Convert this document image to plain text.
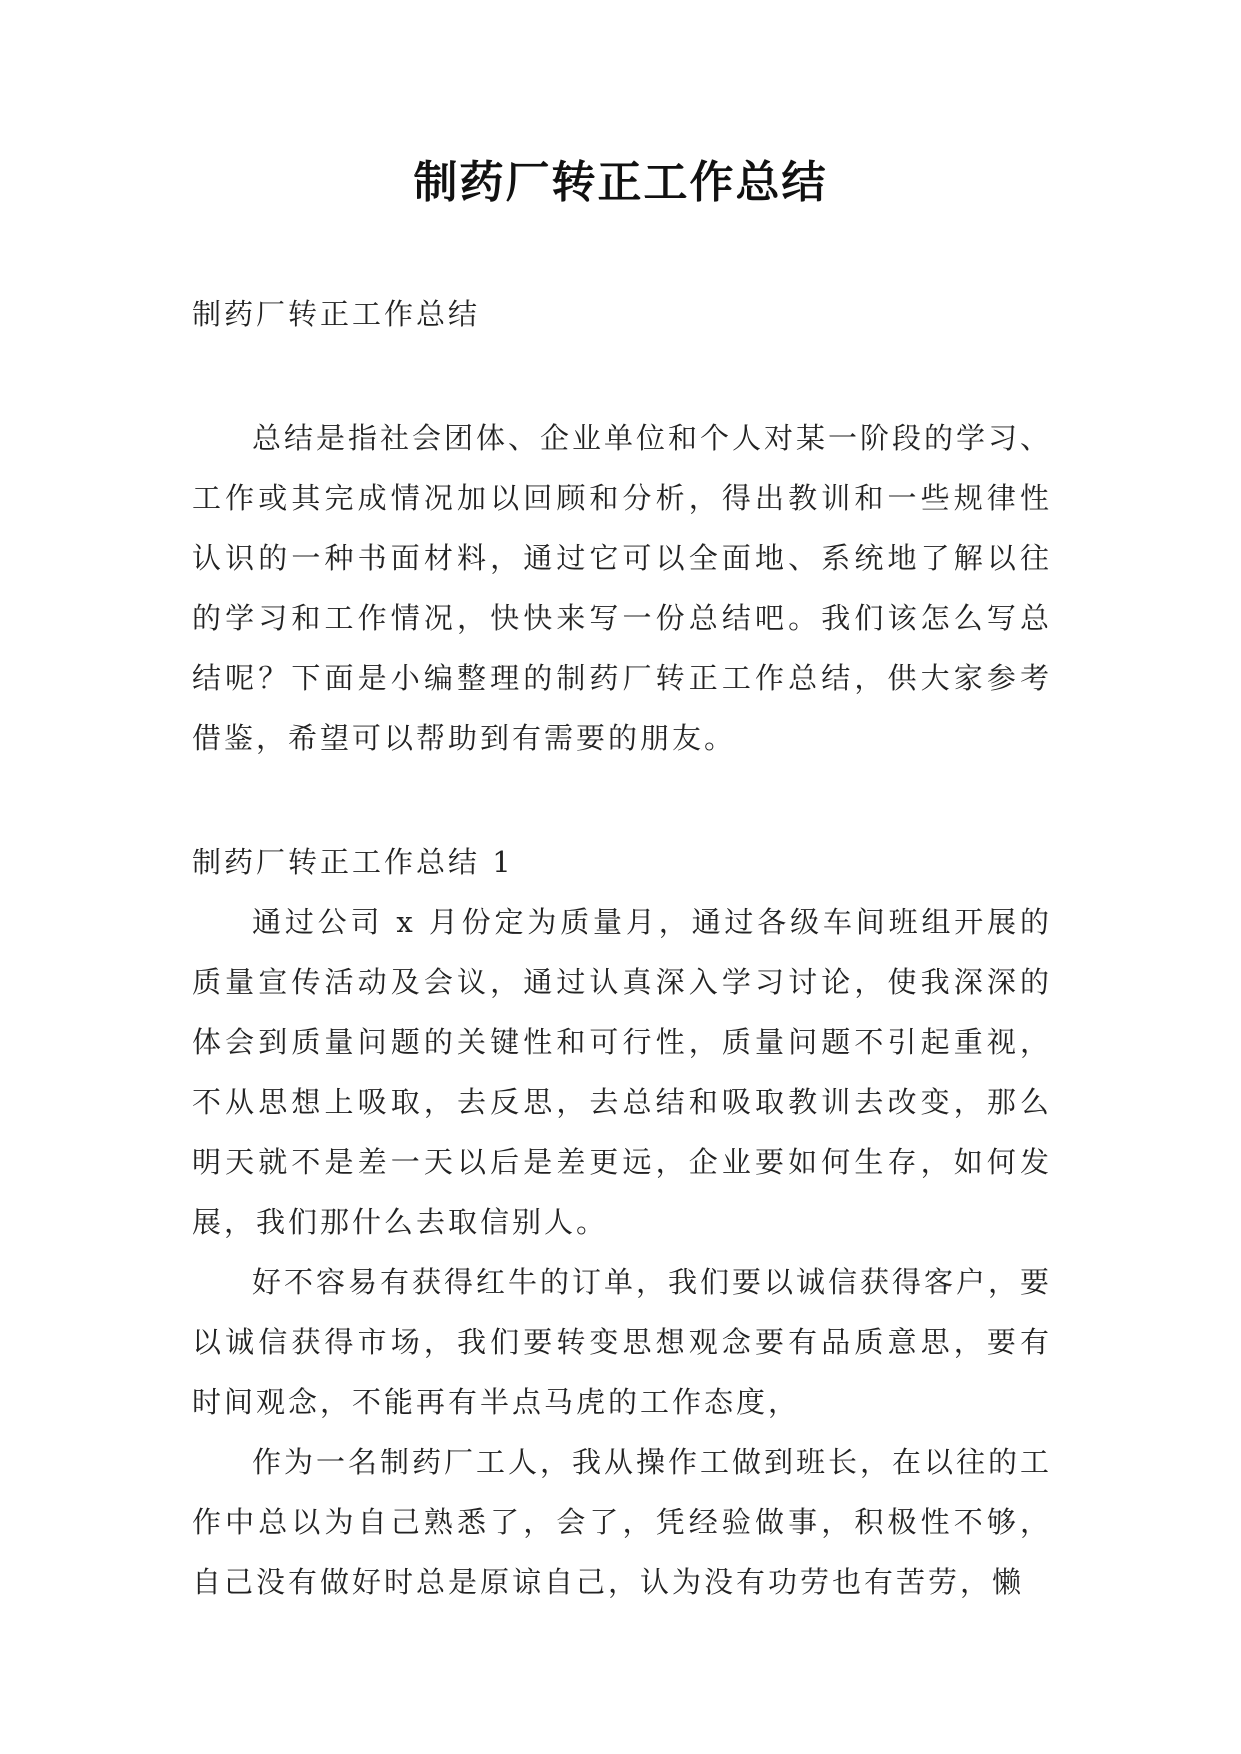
制药厂转正工作总结

制药厂转正工作总结

总结是指社会团体、企业单位和个人对某一阶段的学习、工作或其完成情况加以回顾和分析，得出教训和一些规律性认识的一种书面材料，通过它可以全面地、系统地了解以往的学习和工作情况，快快来写一份总结吧。我们该怎么写总结呢？下面是小编整理的制药厂转正工作总结，供大家参考借鉴，希望可以帮助到有需要的朋友。

制药厂转正工作总结 1

通过公司 x 月份定为质量月，通过各级车间班组开展的质量宣传活动及会议，通过认真深入学习讨论，使我深深的体会到质量问题的关键性和可行性，质量问题不引起重视，不从思想上吸取，去反思，去总结和吸取教训去改变，那么明天就不是差一天以后是差更远，企业要如何生存，如何发展，我们那什么去取信别人。

好不容易有获得红牛的订单，我们要以诚信获得客户，要以诚信获得市场，我们要转变思想观念要有品质意思，要有时间观念，不能再有半点马虎的工作态度，

作为一名制药厂工人，我从操作工做到班长，在以往的工作中总以为自己熟悉了，会了，凭经验做事，积极性不够，自己没有做好时总是原谅自己，认为没有功劳也有苦劳，懒
